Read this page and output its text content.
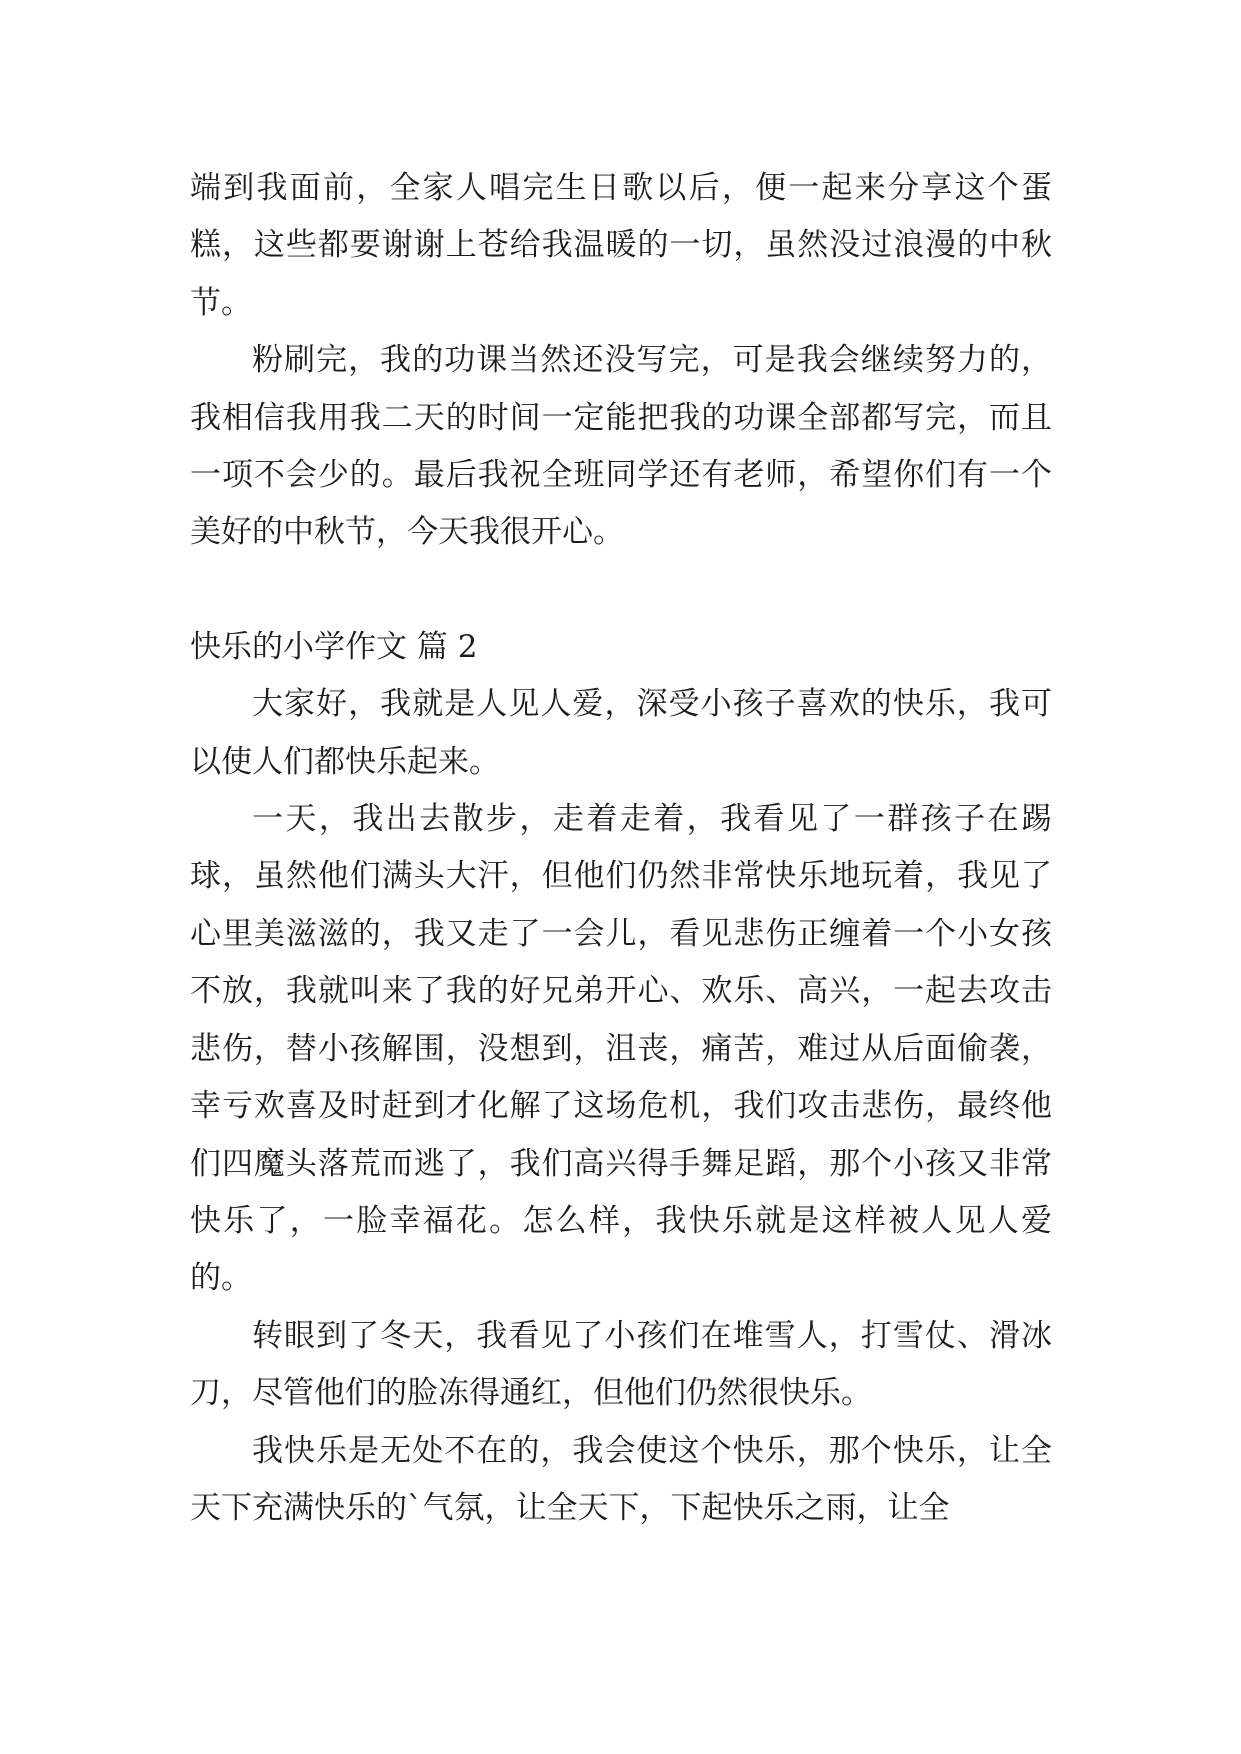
端到我面前，全家人唱完生日歌以后，便一起来分享这个蛋糕，这些都要谢谢上苍给我温暖的一切，虽然没过浪漫的中秋节。

粉刷完，我的功课当然还没写完，可是我会继续努力的，我相信我用我二天的时间一定能把我的功课全部都写完，而且一项不会少的。最后我祝全班同学还有老师，希望你们有一个美好的中秋节，今天我很开心。

快乐的小学作文 篇 2

大家好，我就是人见人爱，深受小孩子喜欢的快乐，我可以使人们都快乐起来。

一天，我出去散步，走着走着，我看见了一群孩子在踢球，虽然他们满头大汗，但他们仍然非常快乐地玩着，我见了心里美滋滋的，我又走了一会儿，看见悲伤正缠着一个小女孩不放，我就叫来了我的好兄弟开心、欢乐、高兴，一起去攻击悲伤，替小孩解围，没想到，沮丧，痛苦，难过从后面偷袭，幸亏欢喜及时赶到才化解了这场危机，我们攻击悲伤，最终他们四魔头落荒而逃了，我们高兴得手舞足蹈，那个小孩又非常快乐了，一脸幸福花。怎么样，我快乐就是这样被人见人爱的。

转眼到了冬天，我看见了小孩们在堆雪人，打雪仗、滑冰刀，尽管他们的脸冻得通红，但他们仍然很快乐。

我快乐是无处不在的，我会使这个快乐，那个快乐，让全天下充满快乐的`气氛，让全天下，下起快乐之雨，让全
